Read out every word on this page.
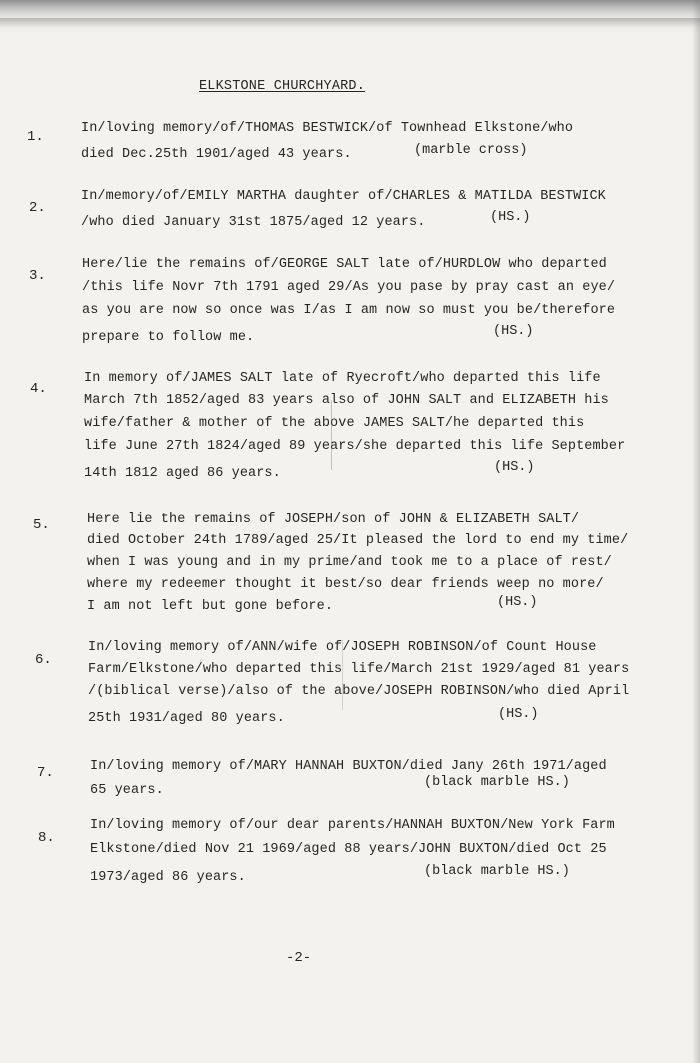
ELKSTONE CHURCHYARD.
1.
In/loving memory/of/THOMAS BESTWICK/of Townhead Elkstone/who
died Dec.25th 1901/aged 43 years.	(marble cross)
2.
In/memory/of/EMILY MARTHA daughter of/CHARLES & MATILDA BESTWICK
/who died January 31st 1875/aged 12 years.	(HS.)
3.
Here/lie the remains of/GEORGE SALT late of/HURDLOW who departed
/this life Novr 7th 1791 aged 29/As you pase by pray cast an eye/
as you are now so once was I/as I am now so must you be/therefore
prepare to follow me.	(HS.)
4.
In memory of/JAMES SALT late of Ryecroft/who departed this life
March 7th 1852/aged 83 years also of JOHN SALT and ELIZABETH his
wife/father & mother of the above JAMES SALT/he departed this
life June 27th 1824/aged 89 years/she departed this life September
14th 1812 aged 86 years.	(HS.)
5.	Here lie the remains of JOSEPH/son of JOHN & ELIZABETH SALT/
died October 24th 1789/aged 25/It pleased the lord to end my time/
when I was young and in my prime/and took me to a place of rest/
where my redeemer thought it best/so dear friends weep no more/
I am not left but gone before.	(HS.)
6.
In/loving memory of/ANN/wife of/JOSEPH ROBINSON/of Count House
Farm/Elkstone/who departed this life/March 21st 1929/aged 81 years
/(biblical verse)/also of the above/JOSEPH ROBINSON/who died April
25th 1931/aged 80 years.	(HS.)
7.	In/loving memory of/MARY HANNAH BUXTON/died Jany 26th 1971/aged
65 years.
(black marble HS.)
8.
In/loving memory of/our dear parents/HANNAH BUXTON/New York Farm
Elkstone/died Nov 21 1969/aged 88 years/JOHN BUXTON/died Oct 25
1973/aged 86 years.	(black marble HS.)
-2-
